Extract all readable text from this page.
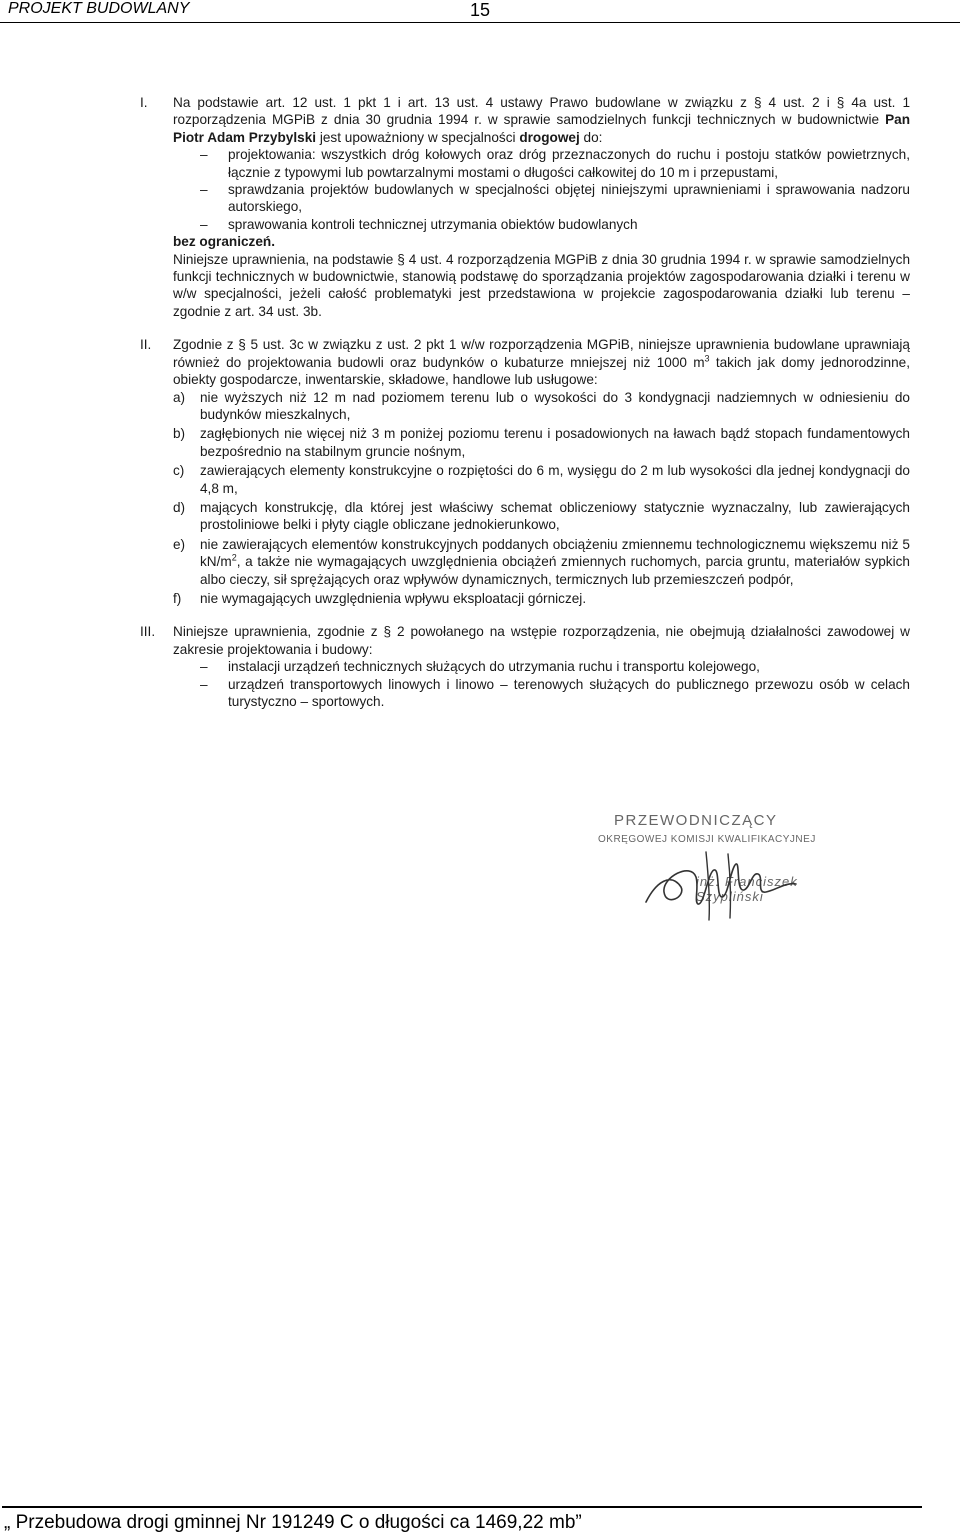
PROJEKT BUDOWLANY	15
I. Na podstawie art. 12 ust. 1 pkt 1 i art. 13 ust. 4 ustawy Prawo budowlane w związku z § 4 ust. 2 i § 4a ust. 1 rozporządzenia MGPiB z dnia 30 grudnia 1994 r. w sprawie samodzielnych funkcji technicznych w budownictwie Pan Piotr Adam Przybylski jest upoważniony w specjalności drogowej do:

– projektowania: wszystkich dróg kołowych oraz dróg przeznaczonych do ruchu i postoju statków powietrznych, łącznie z typowymi lub powtarzalnymi mostami o długości całkowitej do 10 m i przepustami,
– sprawdzania projektów budowlanych w specjalności objętej niniejszymi uprawnieniami i sprawowania nadzoru autorskiego,
– sprawowania kontroli technicznej utrzymania obiektów budowlanych

bez ograniczeń.

Niniejsze uprawnienia, na podstawie § 4 ust. 4 rozporządzenia MGPiB z dnia 30 grudnia 1994 r. w sprawie samodzielnych funkcji technicznych w budownictwie, stanowią podstawę do sporządzania projektów zagospodarowania działki i terenu w w/w specjalności, jeżeli całość problematyki jest przedstawiona w projekcie zagospodarowania działki lub terenu – zgodnie z art. 34 ust. 3b.

II. Zgodnie z § 5 ust. 3c w związku z ust. 2 pkt 1 w/w rozporządzenia MGPiB, niniejsze uprawnienia budowlane uprawniają również do projektowania budowli oraz budynków o kubaturze mniejszej niż 1000 $m^3$ takich jak domy jednorodzinne, obiekty gospodarcze, inwentarskie, składowe, handlowe lub usługowe:

a) nie wyższych niż 12 m nad poziomem terenu lub o wysokości do 3 kondygnacji nadziemnych w odniesieniu do budynków mieszkalnych,
b) zagłębionych nie więcej niż 3 m poniżej poziomu terenu i posadowionych na ławach bądź stopach fundamentowych bezpośrednio na stabilnym gruncie nośnym,
c) zawierających elementy konstrukcyjne o rozpiętości do 6 m, wysięgu do 2 m lub wysokości dla jednej kondygnacji do 4,8 m,
d) mających konstrukcję, dla której jest właściwy schemat obliczeniowy statycznie wyznaczalny, lub zawierających prostoliniowe belki i płyty ciągle obliczane jednokierunkowo,
e) nie zawierających elementów konstrukcyjnych poddanych obciążeniu zmiennemu technologicznemu większemu niż 5 $kN/m^2$, a także nie wymagających uwzględnienia obciążeń zmiennych ruchomych, parcia gruntu, materiałów sypkich albo cieczy, sił sprężających oraz wpływów dynamicznych, termicznych lub przemieszczeń podpór,
f) nie wymagających uwzględnienia wpływu eksploatacji górniczej.
III. Niniejsze uprawnienia, zgodnie z § 2 powołanego na wstępie rozporządzenia, nie obejmują działalności zawodowej w zakresie projektowania i budowy:

– instalacji urządzeń technicznych służących do utrzymania ruchu i transportu kolejowego,
– urządzeń transportowych linowych i linowo – terenowych służących do publicznego przewozu osób w celach turystyczno – sportowych.
PRZEWODNICZĄCY
OKRĘGOWEJ KOMISJI KWALIFIKACYJNEJ
inż. Franciszek Szypliński
„ Przebudowa drogi gminnej Nr 191249 C o długości ca 1469,22 mb”
